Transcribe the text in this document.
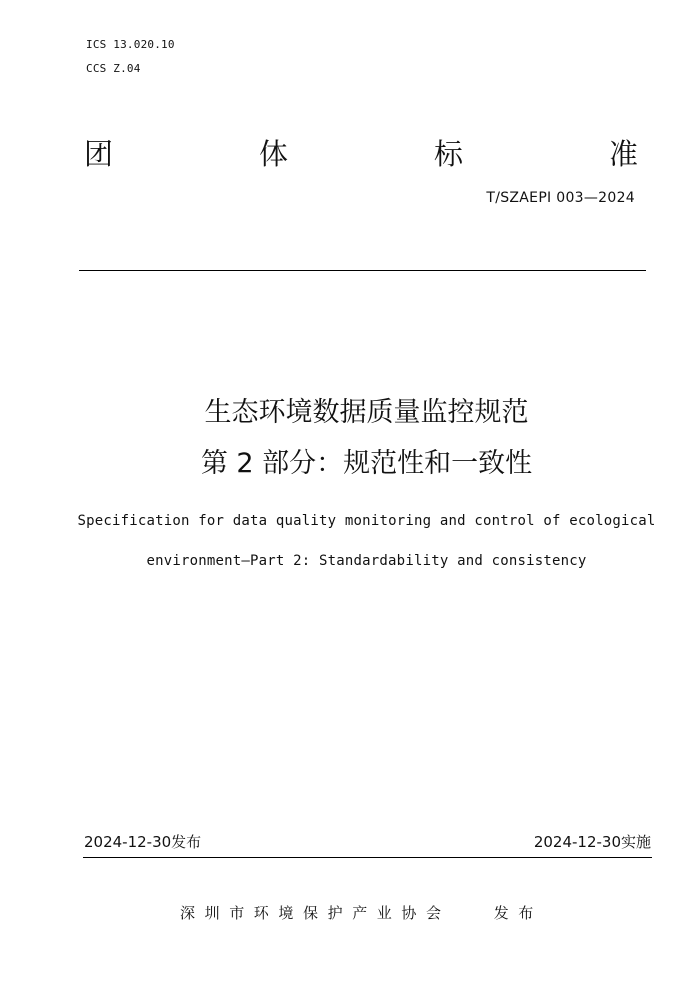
ICS 13.020.10
CCS Z.04
团	体	标	准
T/SZAEPI 003—2024
生态环境数据质量监控规范
第 2 部分：规范性和一致性
Specification for data quality monitoring and control of ecological
environment—Part 2: Standardability and consistency
2024-12-30发布	2024-12-30实施
深圳市环境保护产业协会   发布
